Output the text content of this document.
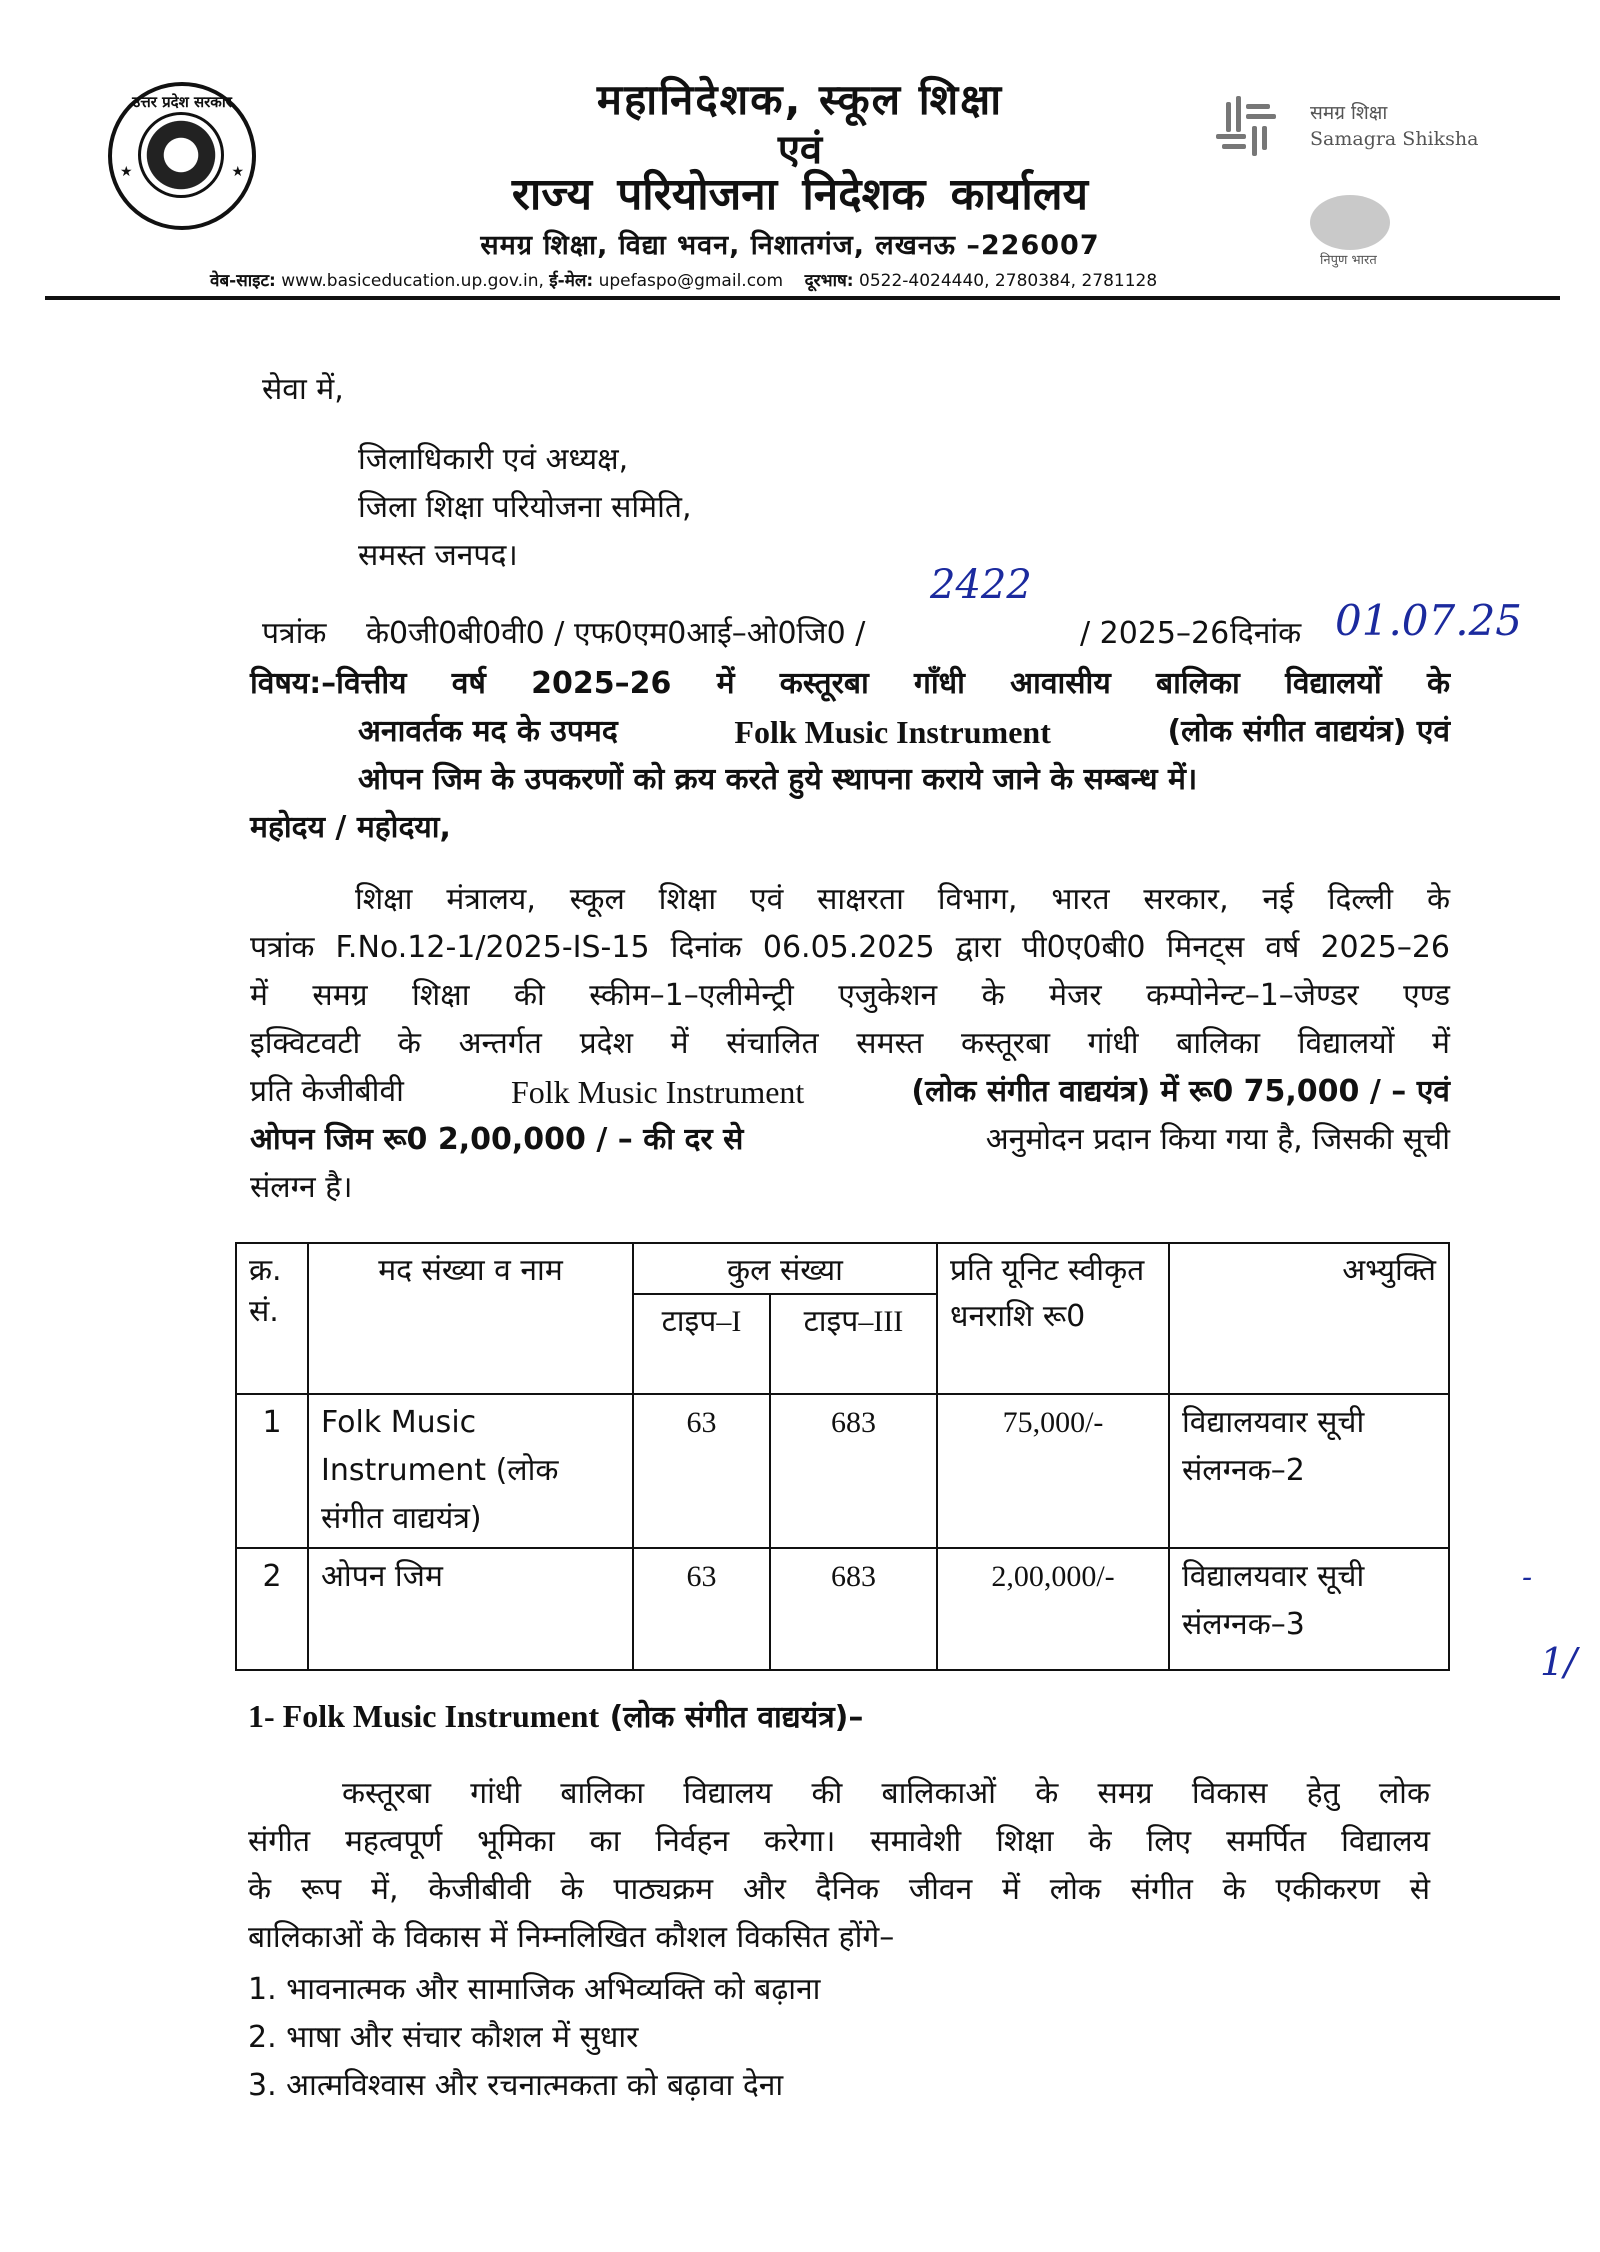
उत्तर प्रदेश सरकार
★	★
महानिदेशक, स्कूल शिक्षा
एवं
राज्य परियोजना निदेशक कार्यालय
समग्र शिक्षा, विद्या भवन, निशातगंज, लखनऊ –226007
वेब-साइट: www.basiceducation.up.gov.in, ई-मेल: upefaspo@gmail.com दूरभाष: 0522-4024440, 2780384, 2781128
समग्र शिक्षा
Samagra Shiksha
निपुण भारत
सेवा में,
जिलाधिकारी एवं अध्यक्ष,
जिला शिक्षा परियोजना समिति,
समस्त जनपद।
पत्रांक के0जी0बी0वी0 / एफ0एम0आई–ओ0जि0 /
2422
/ 2025–26 दिनांक 01.07.25
विषय:–वित्तीय वर्ष 2025–26 में कस्तूरबा गाँधी आवासीय बालिका विद्यालयों के
अनावर्तक मद के उपमद	Folk Music Instrument	(लोक संगीत वाद्ययंत्र) एवं
ओपन जिम के उपकरणों को क्रय करते हुये स्थापना कराये जाने के सम्बन्ध में।
महोदय / महोदया,
शिक्षा मंत्रालय, स्कूल शिक्षा एवं साक्षरता विभाग, भारत सरकार, नई दिल्ली के
पत्रांक F.No.12-1/2025-IS-15 दिनांक 06.05.2025 द्वारा पी0ए0बी0 मिनट्स वर्ष 2025–26
में समग्र शिक्षा की स्कीम–1–एलीमेन्ट्री एजुकेशन के मेजर कम्पोनेन्ट–1–जेण्डर एण्ड
इक्विटवटी के अन्तर्गत प्रदेश में संचालित समस्त कस्तूरबा गांधी बालिका विद्यालयों में
प्रति केजीबीवी	Folk Music Instrument	(लोक संगीत वाद्ययंत्र) में रू0 75,000 / – एवं
ओपन जिम रू0 2,00,000 / – की दर से	अनुमोदन प्रदान किया गया है, जिसकी सूची
संलग्न है।
क्र. सं.	मद संख्या व नाम	कुल संख्या		प्रति यूनिट स्वीकृत धनराशि रू0	अभ्युक्ति
		टाइप–I	टाइप–III		
1	Folk Music Instrument (लोक संगीत वाद्ययंत्र)	63	683	75,000/-	विद्यालयवार सूची संलग्नक–2
2	ओपन जिम	63	683	2,00,000/-	विद्यालयवार सूची संलग्नक–3
1- Folk Music Instrument (लोक संगीत वाद्ययंत्र)–
कस्तूरबा गांधी बालिका विद्यालय की बालिकाओं के समग्र विकास हेतु लोक
संगीत महत्वपूर्ण भूमिका का निर्वहन करेगा। समावेशी शिक्षा के लिए समर्पित विद्यालय
के रूप में, केजीबीवी के पाठ्यक्रम और दैनिक जीवन में लोक संगीत के एकीकरण से
बालिकाओं के विकास में निम्नलिखित कौशल विकसित होंगे–
1. भावनात्मक और सामाजिक अभिव्यक्ति को बढ़ाना
2. भाषा और संचार कौशल में सुधार
3. आत्मविश्वास और रचनात्मकता को बढ़ावा देना
-
1/
